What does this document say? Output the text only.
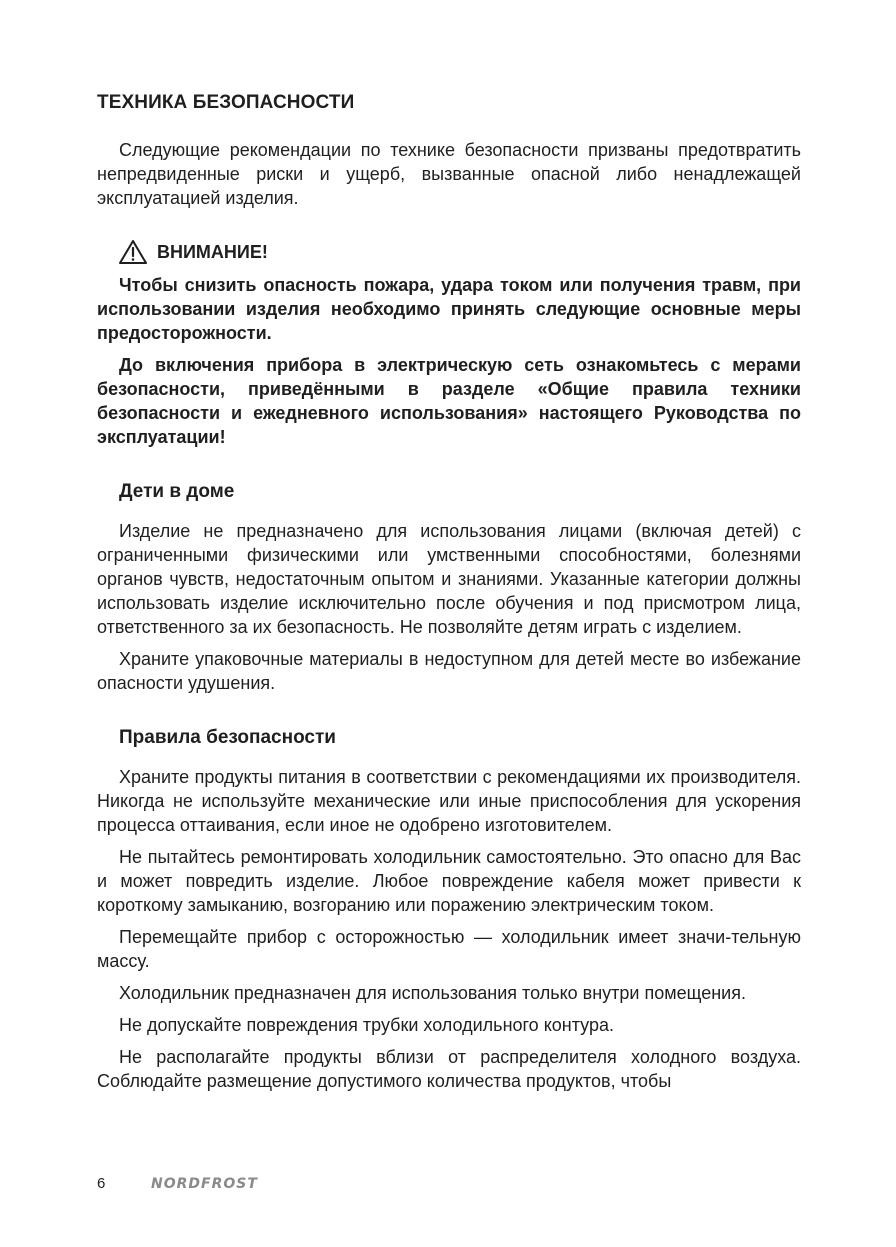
ТЕХНИКА БЕЗОПАСНОСТИ

Следующие рекомендации по технике безопасности призваны предотвратить непредвиденные риски и ущерб, вызванные опасной либо ненадлежащей эксплуатацией изделия.

ВНИМАНИЕ!

Чтобы снизить опасность пожара, удара током или получения травм, при использовании изделия необходимо принять следующие основные меры предосторожности.

До включения прибора в электрическую сеть ознакомьтесь с мерами безопасности, приведёнными в разделе «Общие правила техники безопасности и ежедневного использования» настоящего Руководства по эксплуатации!

Дети в доме

Изделие не предназначено для использования лицами (включая детей) с ограниченными физическими или умственными способностями, болезнями органов чувств, недостаточным опытом и знаниями. Указанные категории должны использовать изделие исключительно после обучения и под присмотром лица, ответственного за их безопасность. Не позволяйте детям играть с изделием.

Храните упаковочные материалы в недоступном для детей месте во избежание опасности удушения.

Правила безопасности

Храните продукты питания в соответствии с рекомендациями их производителя. Никогда не используйте механические или иные приспособления для ускорения процесса оттаивания, если иное не одобрено изготовителем.

Не пытайтесь ремонтировать холодильник самостоятельно. Это опасно для Вас и может повредить изделие. Любое повреждение кабеля может привести к короткому замыканию, возгоранию или поражению электрическим током.

Перемещайте прибор с осторожностью — холодильник имеет значи-тельную массу.

Холодильник предназначен для использования только внутри помещения.

Не допускайте повреждения трубки холодильного контура.

Не располагайте продукты вблизи от распределителя холодного воздуха. Соблюдайте размещение допустимого количества продуктов, чтобы

6	NORDFROST
